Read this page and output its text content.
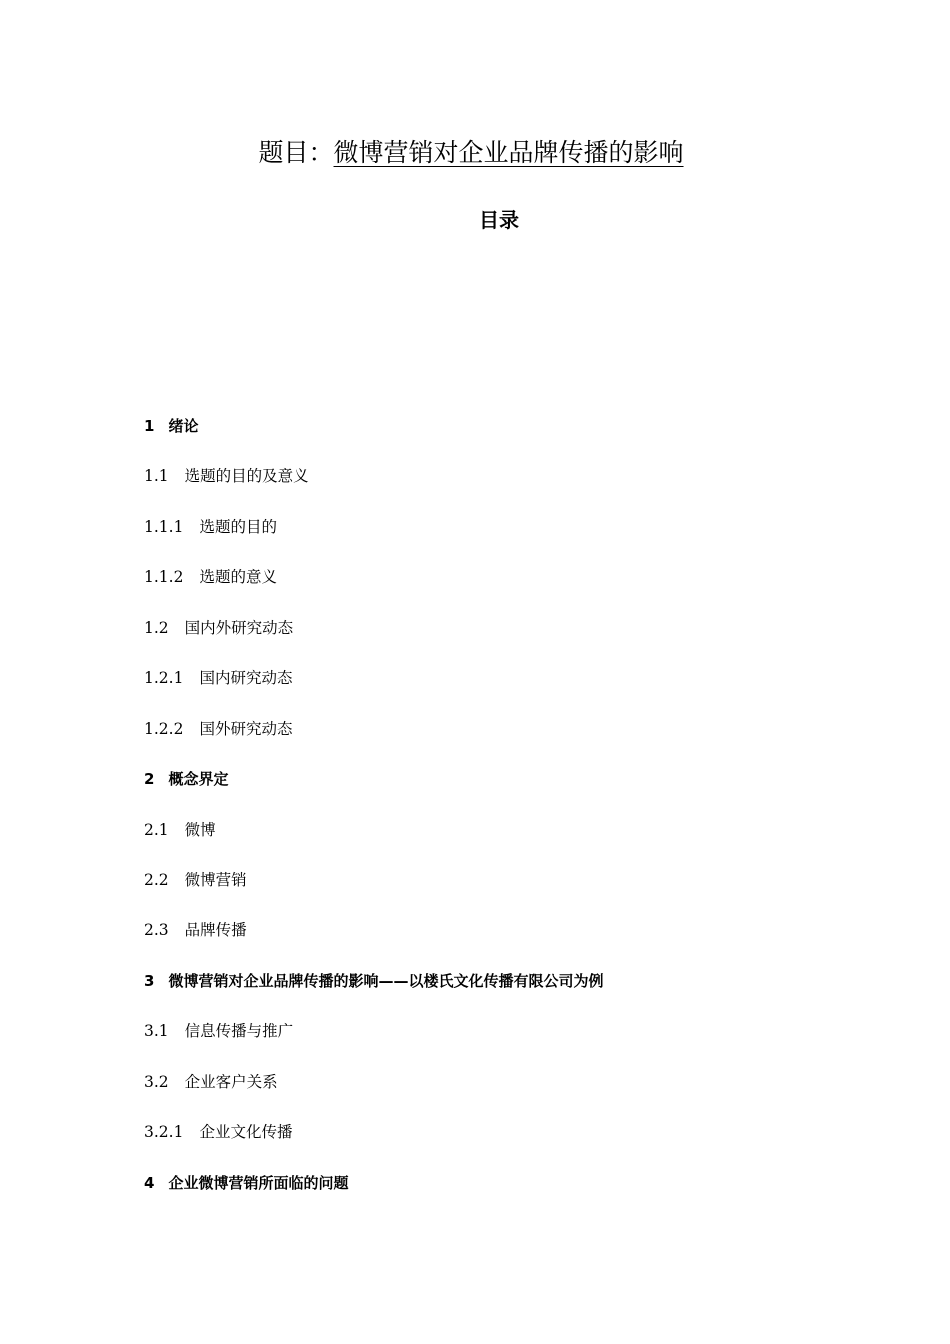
题目：微博营销对企业品牌传播的影响
目录
1 绪论
1.1 选题的目的及意义
1.1.1 选题的目的
1.1.2 选题的意义
1.2 国内外研究动态
1.2.1 国内研究动态
1.2.2 国外研究动态
2 概念界定
2.1 微博
2.2 微博营销
2.3 品牌传播
3 微博营销对企业品牌传播的影响——以楼氏文化传播有限公司为例
3.1 信息传播与推广
3.2 企业客户关系
3.2.1 企业文化传播
4 企业微博营销所面临的问题
